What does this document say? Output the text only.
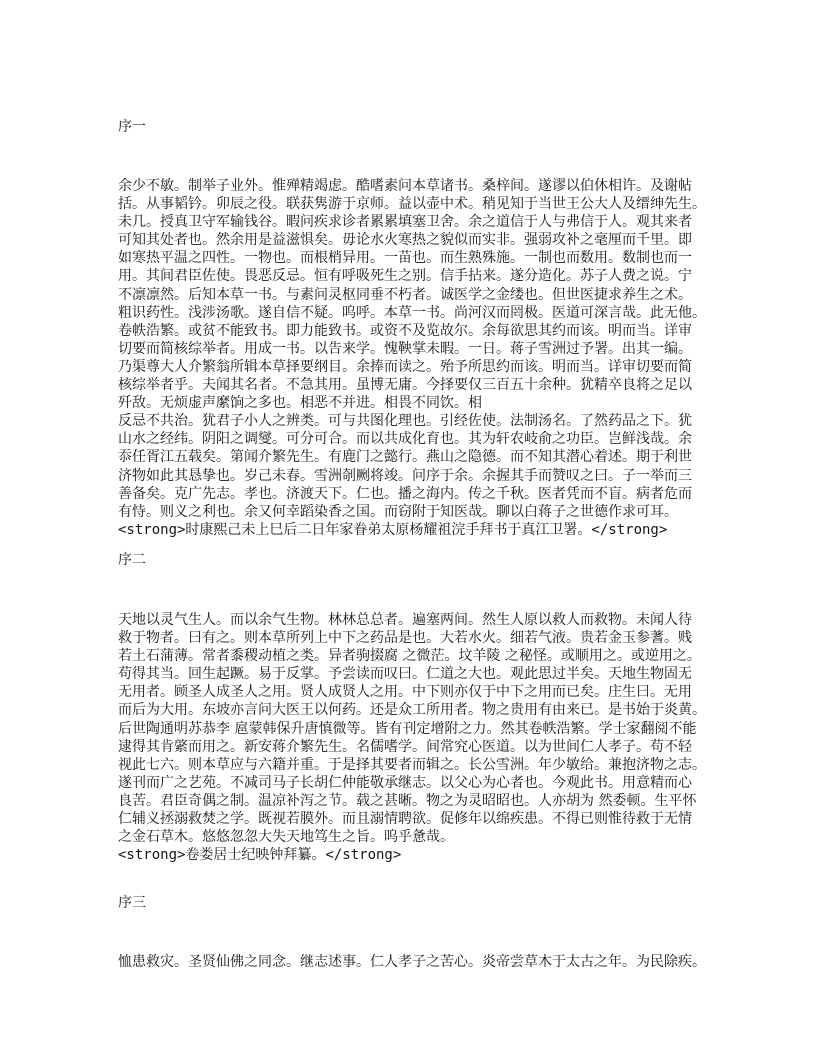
序一
余少不敏。制举子业外。惟殚精竭虑。酷嗜素问本草诸书。桑梓间。遂谬以伯休相许。及谢帖
括。从事韬钤。卯辰之役。联获隽游于京师。益以壶中术。稍见知于当世王公大人及缙绅先生。
未几。授真卫守军输钱谷。暇问疾求诊者累累填塞卫舍。余之道信于人与弗信于人。观其来者
可知其处者也。然余用是益滋惧矣。毋论水火寒热之貌似而实非。强弱攻补之毫厘而千里。即
如寒热平温之四性。一物也。而根梢异用。一苗也。而生熟殊施。一制也而数用。数制也而一
用。其间君臣佐使。畏恶反忌。恒有呼吸死生之别。信手拈来。遂分造化。苏子人费之说。宁
不凛凛然。后知本草一书。与素问灵枢同垂不朽者。诚医学之金缕也。但世医捷求养生之术。
粗识药性。浅涉汤歌。遂自信不疑。呜呼。本草一书。尚河汉而罔极。医道可深言哉。此无他。
卷帙浩繁。或贫不能致书。即力能致书。或资不及览故尔。余每欲思其约而该。明而当。详审
切要而简核综举者。用成一书。以告来学。愧鞅掌未暇。一日。蒋子雪洲过予署。出其一编。
乃渠尊大人介繁翁所辑本草择要纲目。余捧而读之。殆予所思约而该。明而当。详审切要而简
核综举者乎。夫闻其名者。不急其用。虽博无庸。今择要仅三百五十余种。犹精卒良将之足以
歼敌。无烦虚声縻饷之多也。相恶不并进。相畏不同饮。相
反忌不共治。犹君子小人之辨类。可与共图化理也。引经佐使。法制汤名。了然药品之下。犹
山水之经纬。阴阳之调燮。可分可合。而以共成化育也。其为轩农岐俞之功臣。岂鲜浅哉。余
忝任胥江五载矣。第闻介繁先生。有鹿门之懿行。燕山之隐德。而不知其潜心着述。期于利世
济物如此其恳挚也。岁己未春。雪洲剞劂将竣。问序于余。余握其手而赞叹之曰。子一举而三
善备矣。克广先志。孝也。济渡天下。仁也。播之海内。传之千秋。医者凭而不盲。病者危而
有恃。则义之利也。余又何幸蹈染香之国。而窃附于知医哉。聊以白蒋子之世德作求可耳。
<strong>时康熙己未上巳后二日年家眷弟太原杨耀祖浣手拜书于真江卫署。</strong>
序二
天地以灵气生人。而以余气生物。林林总总者。遍塞两间。然生人原以救人而救物。未闻人待
救于物者。曰有之。则本草所列上中下之药品是也。大若水火。细若气液。贵若金玉参蓍。贱
若土石蒲薄。常者黍稷动植之类。异者驹掇腐 之微茫。坟羊陵 之秘怪。或顺用之。或逆用之。
苟得其当。回生起蹶。易于反掌。予尝读而叹曰。仁道之大也。观此思过半矣。天地生物固无
无用者。顾圣人成圣人之用。贤人成贤人之用。中下则亦仅于中下之用而已矣。庄生曰。无用
而后为大用。东坡亦言问大医王以何药。还是众工所用者。物之贵用有由来已。是书始于炎黄。
后世陶通明苏恭李 扈蒙韩保升唐慎微等。皆有刊定增附之力。然其卷帙浩繁。学士家翻阅不能
逮得其肯綮而用之。新安蒋介繁先生。名儒嗜学。间常究心医道。以为世间仁人孝子。苟不轻
视此七六。则本草应与六籍并重。于是择其要者而辑之。长公雪洲。年少敏给。兼抱济物之志。
遂刊而广之艺苑。不减司马子长胡仁仲能敬承继志。以父心为心者也。今观此书。用意精而心
良苦。君臣奇偶之制。温凉补泻之节。载之甚晰。物之为灵昭昭也。人亦胡为 然委顿。生平怀
仁辅义拯溺救焚之学。既视若膜外。而且溺情聘欲。促修年以绵疾患。不得已则惟待救于无情
之金石草木。悠悠忽忽大失天地笃生之旨。呜乎惫哉。
<strong>卷娄居士纪映钟拜纂。</strong>
序三
恤患救灾。圣贤仙佛之同念。继志述事。仁人孝子之苦心。炎帝尝草木于太古之年。为民除疾。
